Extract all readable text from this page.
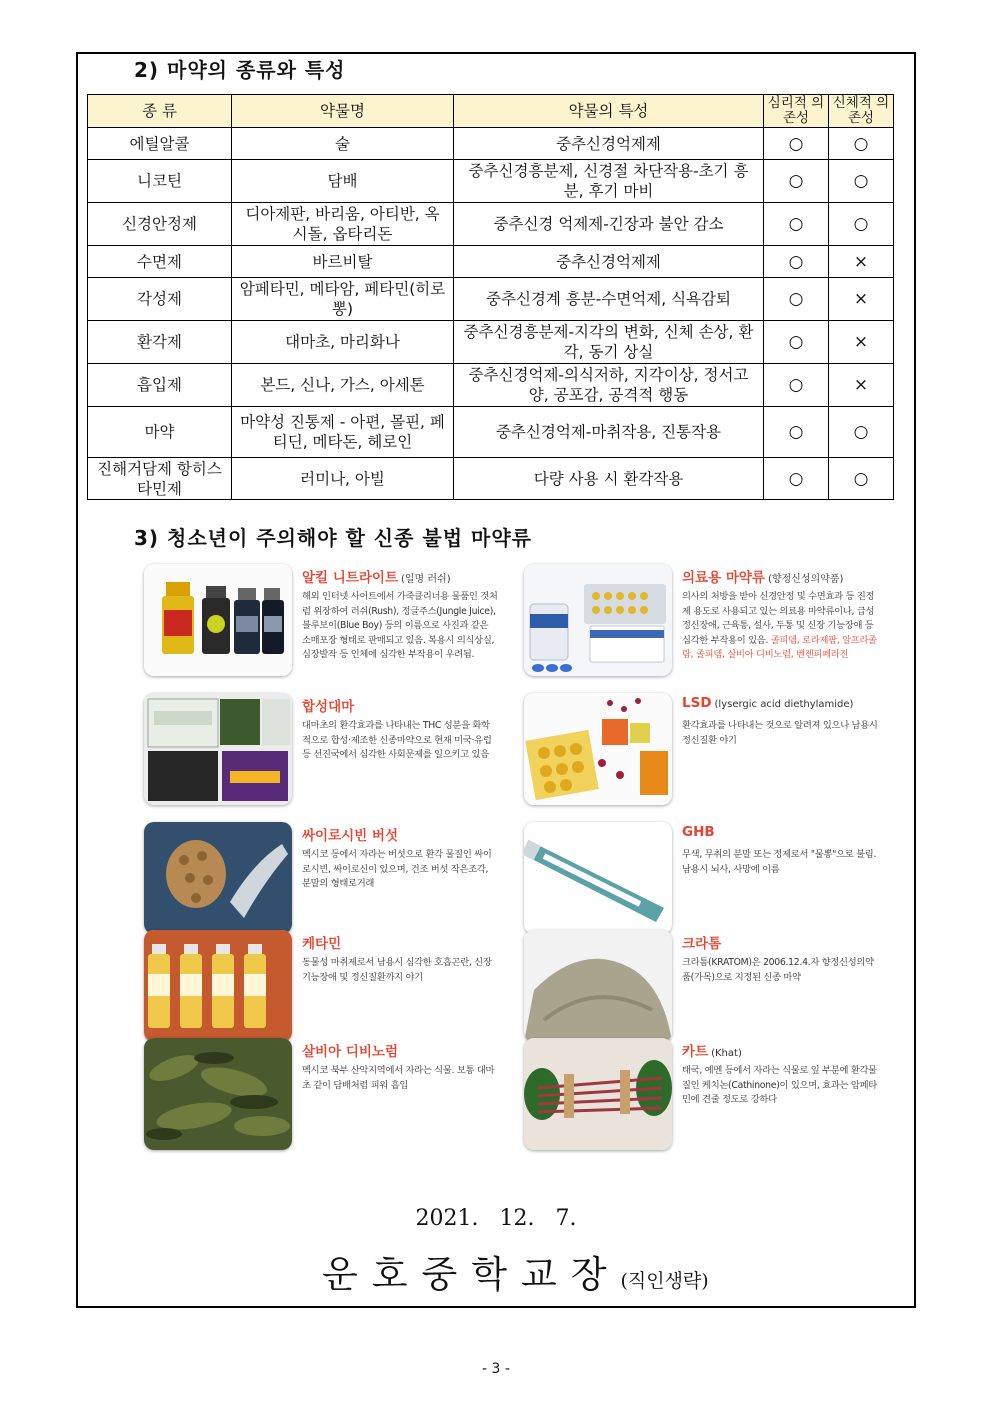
2) 마약의 종류와 특성
종 류	약물명	약물의 특성	심리적 의존성	신체적 의존성
에틸알콜	술	중추신경억제제	○	○
니코틴	담배	중추신경흥분제, 신경절 차단작용-초기 흥분, 후기 마비	○	○
신경안정제	디아제판, 바리움, 아티반, 옥시돌, 옵타리돈	중추신경 억제제-긴장과 불안 감소	○	○
수면제	바르비탈	중추신경억제제	○	×
각성제	암페타민, 메타암, 페타민(히로뽕)	중추신경계 흥분-수면억제, 식욕감퇴	○	×
환각제	대마초, 마리화나	중추신경흥분제-지각의 변화, 신체 손상, 환각, 동기 상실	○	×
흡입제	본드, 신나, 가스, 아세톤	중추신경억제-의식저하, 지각이상, 정서고양, 공포감, 공격적 행동	○	×
마약	마약성 진통제 - 아편, 몰핀, 페티딘, 메타돈, 헤로인	중추신경억제-마취작용, 진통작용	○	○
진해거담제 항히스타민제	러미나, 아빌	다량 사용 시 환각작용	○	○
3) 청소년이 주의해야 할 신종 불법 마약류
알킬 니트라이트 (일명 러쉬)
해외 인터넷 사이트에서 가죽클리너용 물품인 것처럼 위장하여 러쉬(Rush), 정글주스(Jungle Juice), 블루보이(Blue Boy) 등의 이름으로 사진과 같은 소매포장 형태로 판매되고 있음. 복용시 의식상실, 심장발작 등 인체에 심각한 부작용이 우려됨.
의료용 마약류 (향정신성의약품)
의사의 처방을 받아 신경안정 및 수면효과 등 진정제 용도로 사용되고 있는 의료용 마약류이나, 급성 정신장애, 근육통, 설사, 두통 및 신장 기능장애 등 심각한 부작용이 있음. 졸피뎀, 로라제팜, 알프라졸람, 졸피뎀, 살비아 디비노럼, 벤젠피페라진
합성대마
대마초의 환각효과를 나타내는 THC 성분을 화학적으로 합성·제조한 신종마약으로 현재 미국·유럽 등 선진국에서 심각한 사회문제를 일으키고 있음
LSD (lysergic acid diethylamide)
환각효과를 나타내는 것으로 알려져 있으나 남용시 정신질환 야기
싸이로시빈 버섯
멕시코 등에서 자라는 버섯으로 환각 물질인 싸이로시빈, 싸이로신이 있으며, 건조 버섯 작은조각, 분말의 형태로거래
GHB
무색, 무취의 분말 또는 정제로서 "물뽕"으로 불림. 남용시 뇌사, 사망에 이름
케타민
동물성 마취제로서 남용시 심각한 호흡곤란, 신장 기능장애 및 정신질환까지 야기
크라톰
크라톰(KRATOM)은 2006.12.4.자 향정신성의약품(가목)으로 지정된 신종 마약
살비아 디비노럼
멕시코 북부 산악지역에서 자라는 식물. 보통 대마초 같이 담배처럼 피워 흡입
카트 (Khat)
태국, 예멘 등에서 자라는 식물로 잎 부분에 환각물질인 케치논(Cathinone)이 있으며, 효과는 암페타민에 견줄 정도로 강하다
2021. 12. 7.
운호중학교장(직인생략)
- 3 -
